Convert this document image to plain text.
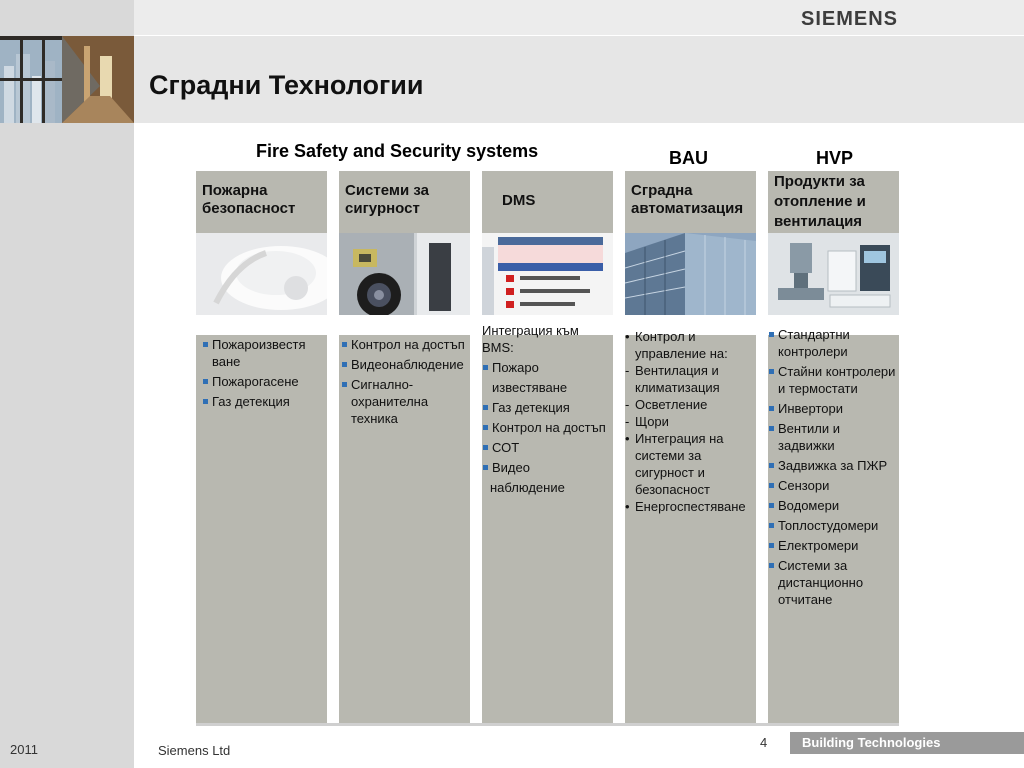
SIEMENS
Сградни Технологии
Fire Safety and Security systems	BAU	HVP
Пожарна безопасност
Пожароизвестя ване
Пожарогасене
Газ детекция
Системи за сигурност
Контрол на достъп
Видеонаблюдение
Сигнално-охранителна техника
DMS
Интеграция към BMS:
Пожаро
известяване
Газ детекция
Контрол на достъп
СОТ
Видео
наблюдение
Сградна автоматизация
• Контрол и управление на:
- Вентилация и климатизация
- Осветление
- Щори
• Интеграция на системи за сигурност и безопасност
• Енергоспестяване
Продукти за отопление и вентилация
Стандартни контролери
Стайни контролери и термостати
Инвертори
Вентили и задвижки
Задвижка за ПЖР
Сензори
Водомери
Топлостудомери
Електромери
Системи за дистанционно отчитане
2011	Siemens Ltd
4	Building Technologies
